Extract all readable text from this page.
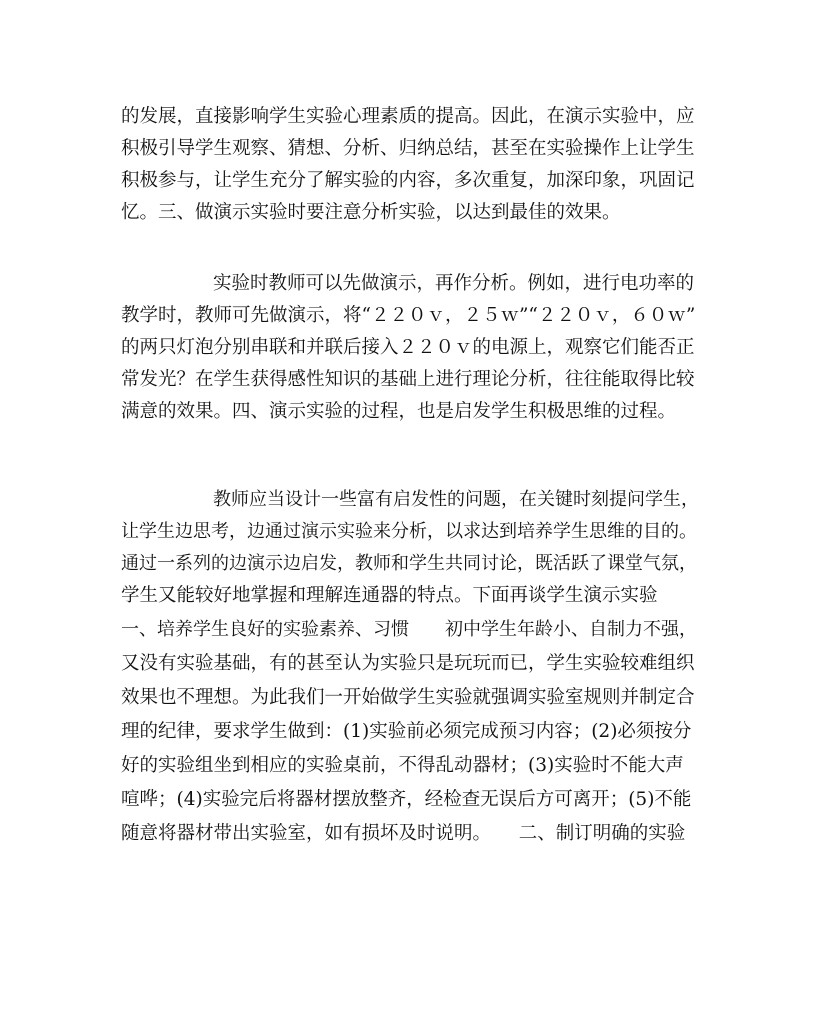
的发展，直接影响学生实验心理素质的提高。因此，在演示实验中，应
积极引导学生观察、猜想、分析、归纳总结，甚至在实验操作上让学生
积极参与，让学生充分了解实验的内容，多次重复，加深印象，巩固记
忆。三、做演示实验时要注意分析实验，以达到最佳的效果。
实验时教师可以先做演示，再作分析。例如，进行电功率的
教学时，教师可先做演示，将“２２０ｖ，２５ｗ”“２２０ｖ，６０ｗ”
的两只灯泡分别串联和并联后接入２２０ｖ的电源上，观察它们能否正
常发光？在学生获得感性知识的基础上进行理论分析，往往能取得比较
满意的效果。四、演示实验的过程，也是启发学生积极思维的过程。
教师应当设计一些富有启发性的问题，在关键时刻提问学生，
让学生边思考，边通过演示实验来分析，以求达到培养学生思维的目的。
通过一系列的边演示边启发，教师和学生共同讨论，既活跃了课堂气氛，
学生又能较好地掌握和理解连通器的特点。下面再谈学生演示实验
一、培养学生良好的实验素养、习惯　　初中学生年龄小、自制力不强，
又没有实验基础，有的甚至认为实验只是玩玩而已，学生实验较难组织
效果也不理想。为此我们一开始做学生实验就强调实验室规则并制定合
理的纪律，要求学生做到：(1)实验前必须完成预习内容；(2)必须按分
好的实验组坐到相应的实验桌前，不得乱动器材；(3)实验时不能大声
喧哗；(4)实验完后将器材摆放整齐，经检查无误后方可离开；(5)不能
随意将器材带出实验室，如有损坏及时说明。　　二、制订明确的实验
